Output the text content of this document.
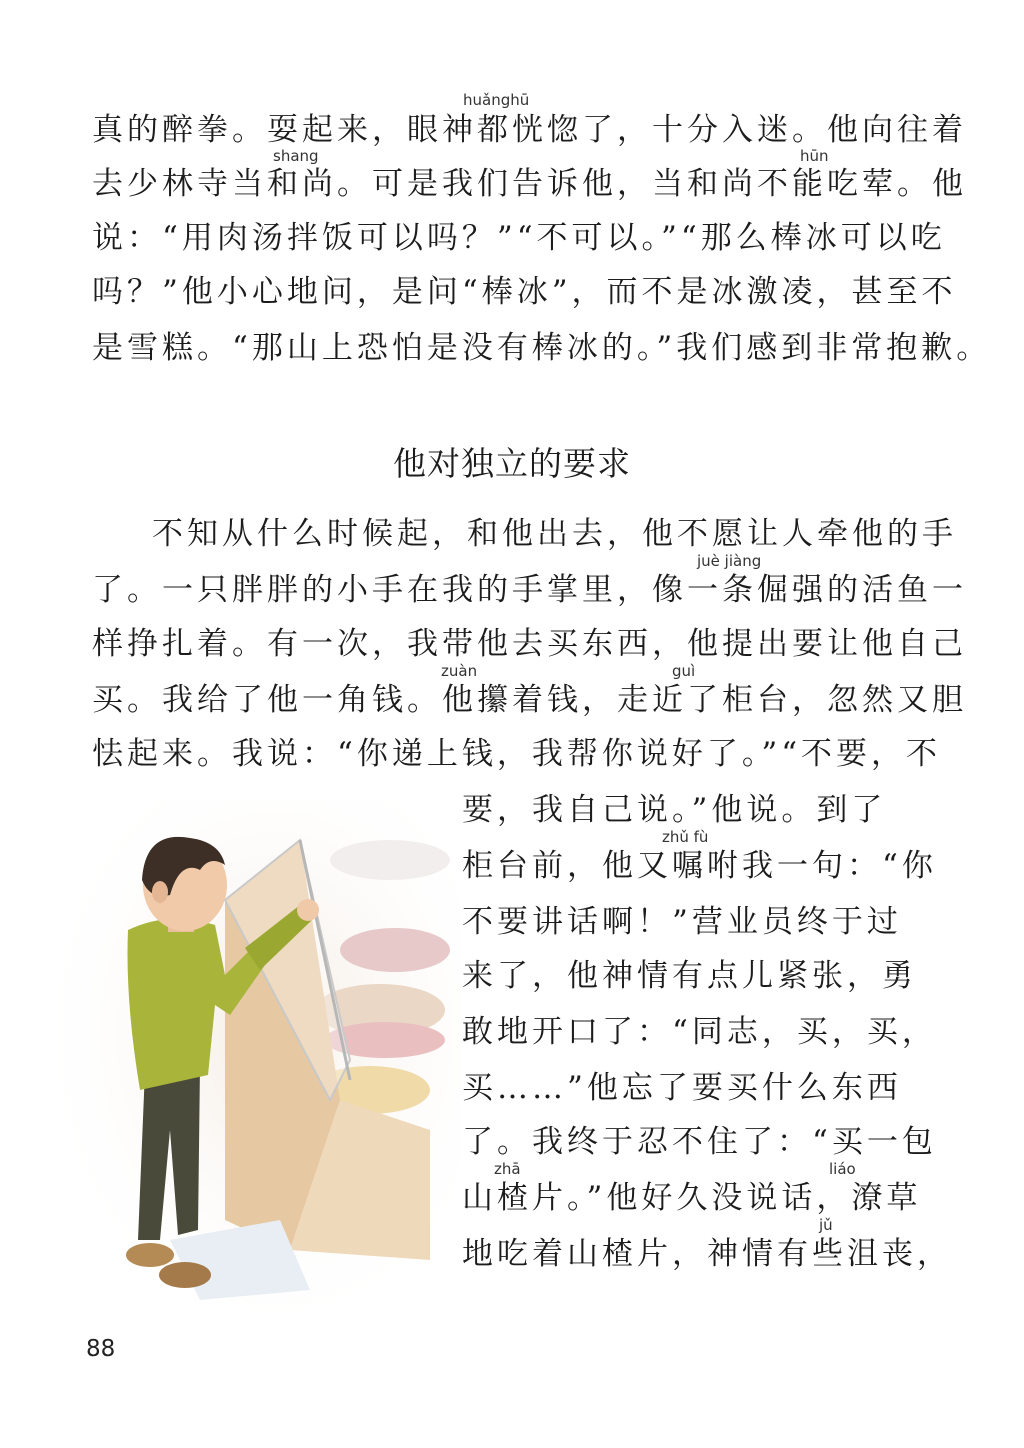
真的醉拳。耍起来，眼神都恍惚了，十分入迷。他向往着
去少林寺当和尚。可是我们告诉他，当和尚不能吃荤。他
说：“用肉汤拌饭可以吗？”“不可以。”“那么棒冰可以吃
吗？”他小心地问，是问“棒冰”，而不是冰激凌，甚至不
是雪糕。“那山上恐怕是没有棒冰的。”我们感到非常抱歉。
huǎnghū
shang	hūn
他对独立的要求
不知从什么时候起，和他出去，他不愿让人牵他的手
了。一只胖胖的小手在我的手掌里，像一条倔强的活鱼一
样挣扎着。有一次，我带他去买东西，他提出要让他自己
买。我给了他一角钱。他攥着钱，走近了柜台，忽然又胆
怯起来。我说：“你递上钱，我帮你说好了。”“不要，不
要，我自己说。”他说。到了
柜台前，他又嘱咐我一句：“你
不要讲话啊！”营业员终于过
来了，他神情有点儿紧张，勇
敢地开口了：“同志，买，买，
买……”他忘了要买什么东西
了。我终于忍不住了：“买一包
山楂片。”他好久没说话，潦草
地吃着山楂片，神情有些沮丧，
juè jiàng
zuàn	guì
zhǔ fù
zhā	liáo
jǔ
88
